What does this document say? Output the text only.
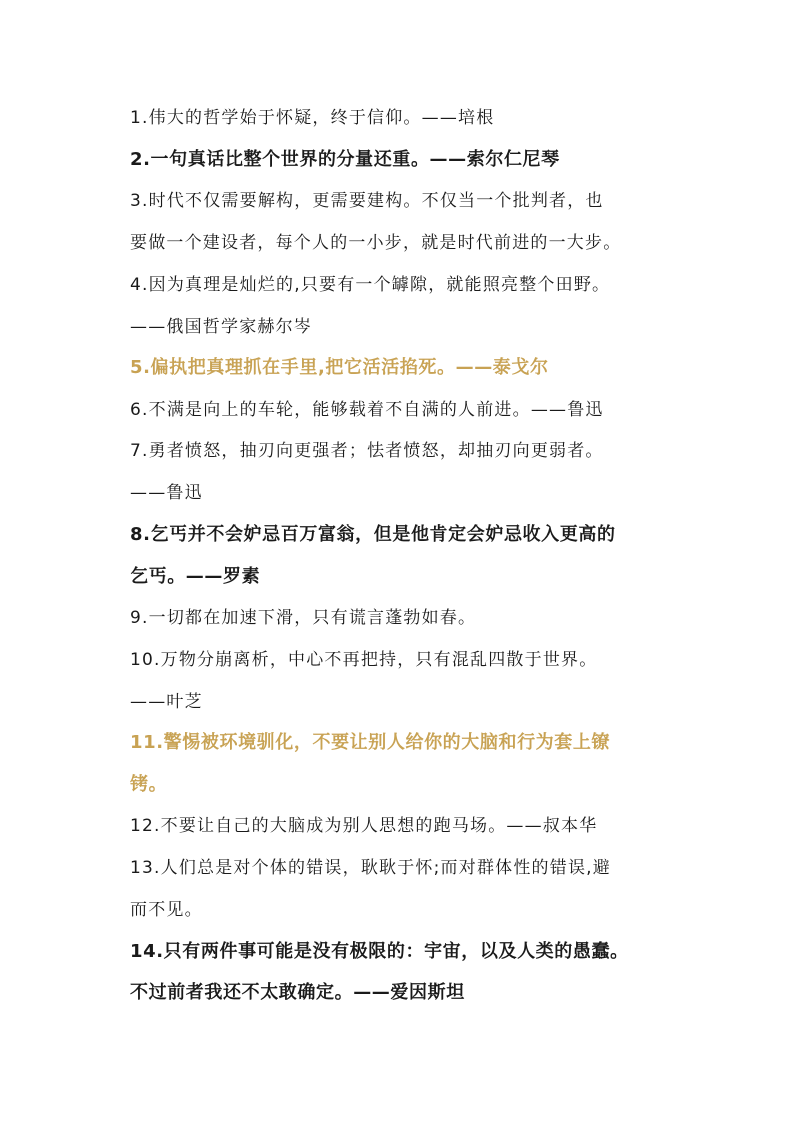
1.伟大的哲学始于怀疑，终于信仰。——培根
2.一句真话比整个世界的分量还重。——索尔仁尼琴
3.时代不仅需要解构，更需要建构。不仅当一个批判者，也
要做一个建设者，每个人的一小步，就是时代前进的一大步。
4.因为真理是灿烂的,只要有一个罅隙，就能照亮整个田野。
——俄国哲学家赫尔岑
5.偏执把真理抓在手里,把它活活掐死。——泰戈尔
6.不满是向上的车轮，能够载着不自满的人前进。——鲁迅
7.勇者愤怒，抽刃向更强者；怯者愤怒，却抽刃向更弱者。
——鲁迅
8.乞丐并不会妒忌百万富翁，但是他肯定会妒忌收入更高的
乞丐。——罗素
9.一切都在加速下滑，只有谎言蓬勃如春。
10.万物分崩离析，中心不再把持，只有混乱四散于世界。
——叶芝
11.警惕被环境驯化，不要让别人给你的大脑和行为套上镣
铐。
12.不要让自己的大脑成为别人思想的跑马场。——叔本华
13.人们总是对个体的错误，耿耿于怀;而对群体性的错误,避
而不见。
14.只有两件事可能是没有极限的：宇宙，以及人类的愚蠢。
不过前者我还不太敢确定。——爱因斯坦
